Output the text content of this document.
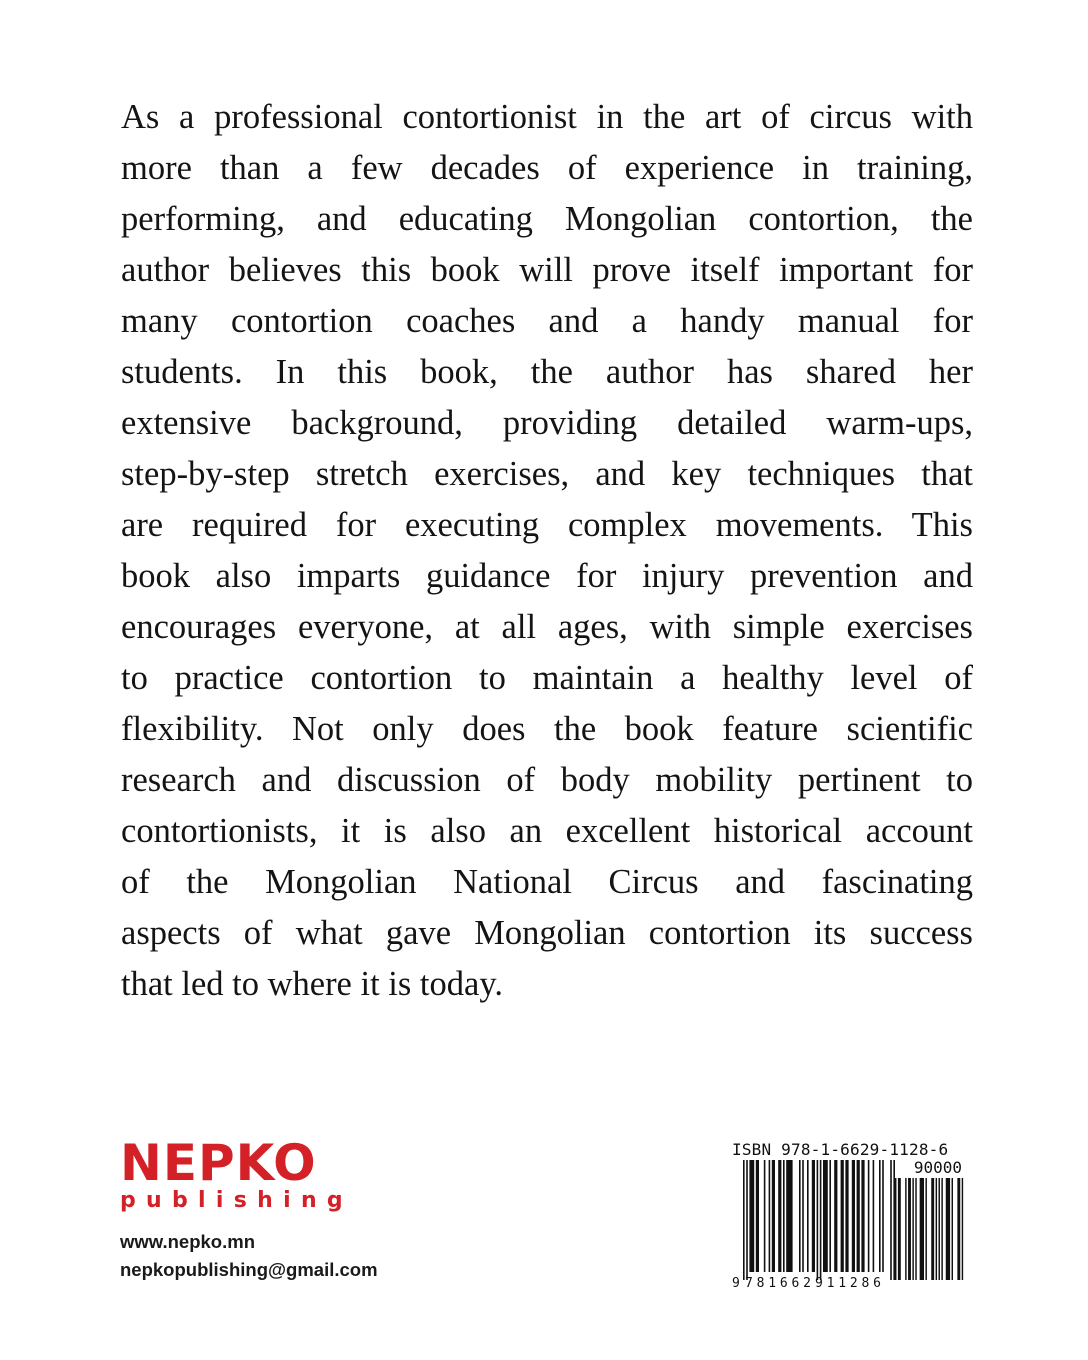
As a professional contortionist in the art of circus with
more than a few decades of experience in training,
performing, and educating Mongolian contortion, the
author believes this book will prove itself important for
many contortion coaches and a handy manual for
students. In this book, the author has shared her
extensive background, providing detailed warm-ups,
step-by-step stretch exercises, and key techniques that
are required for executing complex movements. This
book also imparts guidance for injury prevention and
encourages everyone, at all ages, with simple exercises
to practice contortion to maintain a healthy level of
flexibility. Not only does the book feature scientific
research and discussion of body mobility pertinent to
contortionists, it is also an excellent historical account
of the Mongolian National Circus and fascinating
aspects of what gave Mongolian contortion its success
that led to where it is today.
NEPKO
publishing
www.nepko.mn
nepkopublishing@gmail.com
ISBN 978-1-6629-1128-6
90000
9 781662 911286
